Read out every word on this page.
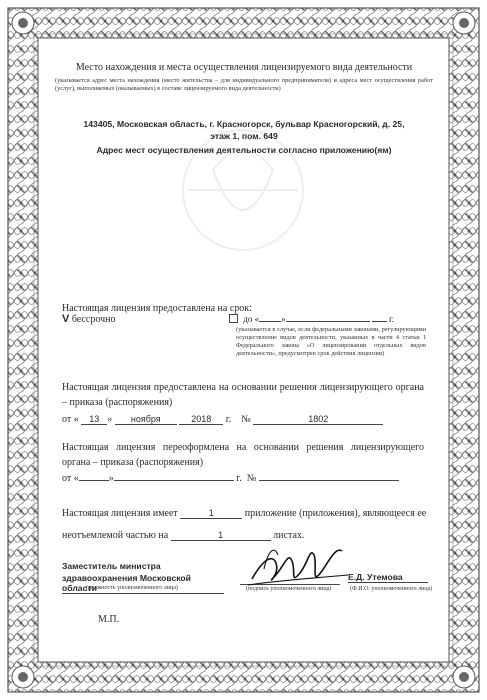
Место нахождения и места осуществления лицензируемого вида деятельности
(указывается адрес места нахождения (место жительства – для индивидуального предпринимателя) и адреса мест осуществления работ (услуг), выполняемых (оказываемых) в составе лицензируемого вида деятельности)
143405, Московская область, г. Красногорск, бульвар Красногорский, д. 25,
этаж 1, пом. 649
Адрес мест осуществления деятельности согласно приложению(ям)
Настоящая лицензия предоставлена на срок:
V бессрочно	до « »	г.
(указывается в случае, если федеральными законами, регулирующими осуществление видов деятельности, указанных в части 4 статьи 1 Федерального закона «О лицензировании отдельных видов деятельности», предусмотрен срок действия лицензии)
Настоящая лицензия предоставлена на основании решения лицензирующего органа – приказа (распоряжения)
от « 13 » ноября	2018 г. №	1802
Настоящая лицензия переоформлена на основании решения лицензирующего органа – приказа (распоряжения)
от «	»	г. №
Настоящая лицензия имеет	1	приложение (приложения), являющееся ее
неотъемлемой частью на	1	листах.
Заместитель министра
здравоохранения Московской области
(должность уполномоченного лица)	(подпись уполномоченного лица)
Е.Д. Утемова
(Ф.И.О. уполномоченного лица)
М.П.
